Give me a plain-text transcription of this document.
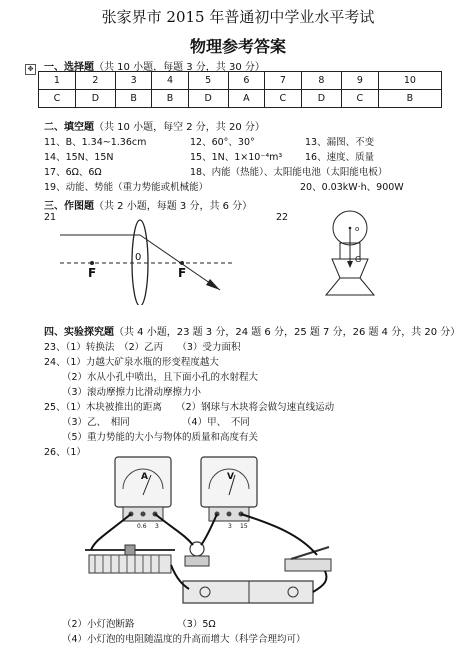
张家界市 2015 年普通初中学业水平考试
物理参考答案
✥ 一、选择题（共 10 小题，每题 3 分，共 30 分）
1	2	3	4	5	6	7	8	9	10
C	D	B	B	D	A	C	D	C	B
二、填空题（共 10 小题，每空 2 分，共 20 分）
11、B、1.34~1.36cm	12、60°、30°	13、漏图、不变
14、15N、15N	15、1N、1×10⁻⁴m³ 16、速度、质量
17、6Ω、6Ω	18、内能（热能）、太阳能电池（太阳能电板）
19、动能、势能（重力势能或机械能）	20、0.03kW·h、900W
三、作图题（共 2 小题，每题 3 分，共 6 分）
21	22
F
0
F
o
G
四、实验探究题（共 4 小题，23 题 3 分，24 题 6 分，25 题 7 分，26 题 4 分，共 20 分）
23、（1）转换法　（2）乙丙　　（3）受力面积
24、（1）力越大矿泉水瓶的形变程度越大
（2）水从小孔中喷出，且下面小孔的水射程大
（3）滚动摩擦力比滑动摩擦力小
25、（1）木块被推出的距离　　（2）钢球与木块将会做匀速直线运动
（3）乙、　相同　　　　　　（4）甲、　不同
（5）重力势能的大小与物体的质量和高度有关
26、（1）
A	V
0.6 3	3 15
（2）小灯泡断路　　　　　（3）5Ω
（4）小灯泡的电阻随温度的升高而增大（科学合理均可）
